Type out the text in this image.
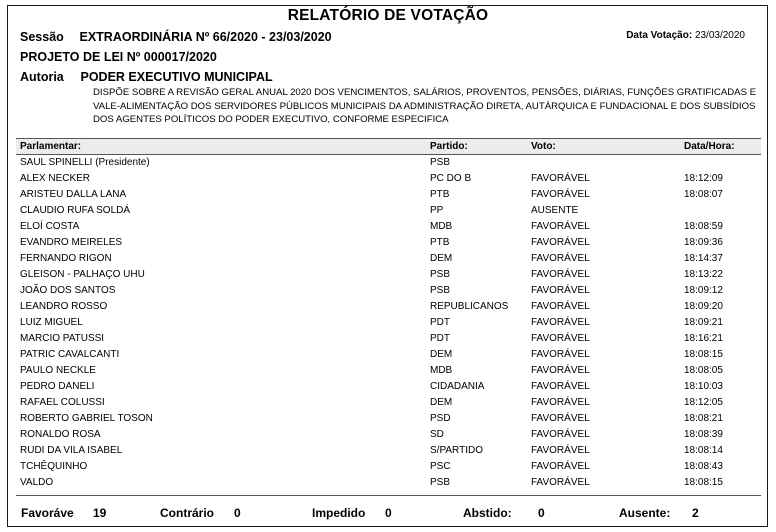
RELATÓRIO DE VOTAÇÃO
Sessão EXTRAORDINÁRIA Nº 66/2020 - 23/03/2020	Data Votação: 23/03/2020
PROJETO DE LEI Nº 000017/2020
Autoria PODER EXECUTIVO MUNICIPAL
DISPÕE SOBRE A REVISÃO GERAL ANUAL 2020 DOS VENCIMENTOS, SALÁRIOS, PROVENTOS, PENSÕES, DIÁRIAS, FUNÇÕES GRATIFICADAS E VALE-ALIMENTAÇÃO DOS SERVIDORES PÚBLICOS MUNICIPAIS DA ADMINISTRAÇÃO DIRETA, AUTÁRQUICA E FUNDACIONAL E DOS SUBSÍDIOS DOS AGENTES POLÍTICOS DO PODER EXECUTIVO, CONFORME ESPECIFICA
Parlamentar:	Partido:	Voto:	Data/Hora:
SAUL SPINELLI (Presidente)	PSB
ALEX NECKER	PC DO B	FAVORÁVEL	18:12:09
ARISTEU DALLA LANA	PTB	FAVORÁVEL	18:08:07
CLAUDIO RUFA SOLDÁ	PP	AUSENTE
ELOÍ COSTA	MDB	FAVORÁVEL	18:08:59
EVANDRO MEIRELES	PTB	FAVORÁVEL	18:09:36
FERNANDO RIGON	DEM	FAVORÁVEL	18:14:37
GLEISON - PALHAÇO UHU	PSB	FAVORÁVEL	18:13:22
JOÃO DOS SANTOS	PSB	FAVORÁVEL	18:09:12
LEANDRO ROSSO	REPUBLICANOS FAVORÁVEL	18:09:20
LUIZ MIGUEL	PDT	FAVORÁVEL	18:09:21
MARCIO PATUSSI	PDT	FAVORÁVEL	18:16:21
PATRIC CAVALCANTI	DEM	FAVORÁVEL	18:08:15
PAULO NECKLE	MDB	FAVORÁVEL	18:08:05
PEDRO DANELI	CIDADANIA	FAVORÁVEL	18:10:03
RAFAEL COLUSSI	DEM	FAVORÁVEL	18:12:05
ROBERTO GABRIEL TOSON	PSD	FAVORÁVEL	18:08:21
RONALDO ROSA	SD	FAVORÁVEL	18:08:39
RUDI DA VILA ISABEL	S/PARTIDO	FAVORÁVEL	18:08:14
TCHÊQUINHO	PSC	FAVORÁVEL	18:08:43
VALDO	PSB	FAVORÁVEL	18:08:15
Favoráve 19	Contrário 0	Impedido 0	Abstido: 0	Ausente: 2
